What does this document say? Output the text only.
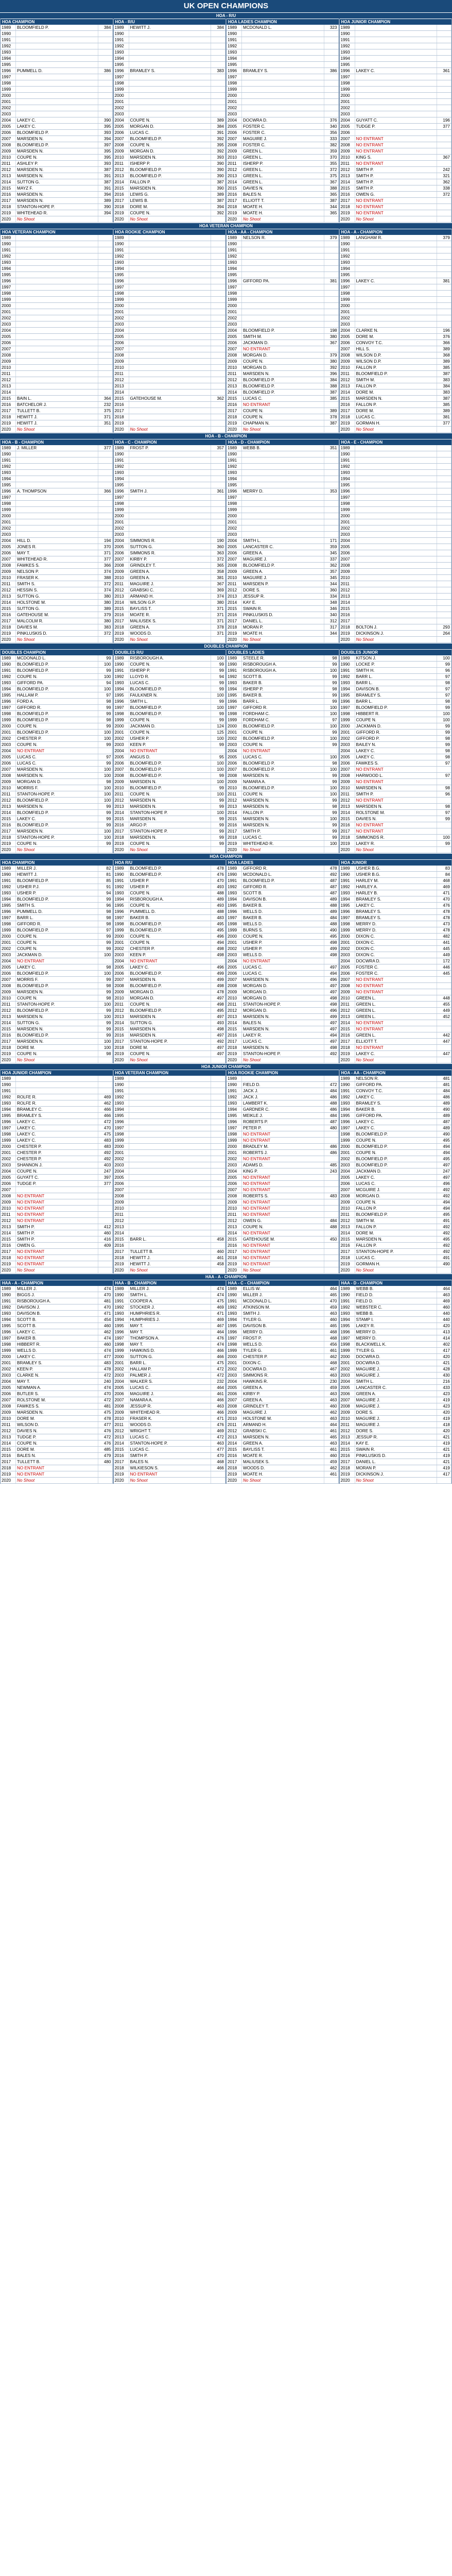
UK OPEN CHAMPIONS
HOA - R/U
HOA CHAMPION
1989	BLOOMFIELD P.	384
1990
1991
1992
1993
1994
1995
1996	PUMMELL D.	386
1997
1998
1999
2000
2001
2002
2003
2004	LAKEY C.	390
2005	LAKEY C.	395
2006	BLOOMFIELD P.	393
2007	MARSDEN N.	394
2008	BLOOMFIELD P.	397
2009	MARSDEN N.	395
2010	COUPE N.	395
2011	ASHLEY P.	393
2012	MARSDEN N.	387
2013	MARSDEN N.	391
2014	SUTTON G.	387
2015	MAYZ F.	391
2016	MARSDEN N.	394
2017	MARSDEN N.	389
2018	STANTON-HOPE P.	390
2019	WHITEHEAD R.	394
2020	No Shoot
HOA - R/U
1989	HEWITT J.	384
1990
1991
1992
1993
1994
1995
1996	BRAMLEY S.	383
1997
1998
1999
2000
2001
2002
2003
2004	COUPE N.	389
2005	MORGAN D.	384
2006	LUCAS C.	391
2007	BLOOMFIELD P.	392
2008	COUPE N.	395
2009	MORGAN D.	392
2010	MARSDEN N.	393
2011	ISHERP P.	390
2012	BLOOMFIELD P.	390
2013	BLOOMFIELD P.	390
2014	FALLON P.	387
2015	MARSDEN N.	390
2016	LEWIS G.	389
2017	LEWIS B.	387
2018	DORE M.	394
2019	COUPE N.	392
2020	No Shoot
HOA LADIES CHAMPION
1989	MCDONALD L.	323
1990
1991
1992
1993
1994
1995
1996	BRAMLEY S.	386
1997
1998
1999
2000
2001
2002
2003
2004	DOCWRA D.	376
2005	FOSTER C.	340
2006	FOSTER C.	356
2007	MAGUIRE J.	333
2008	FOSTER C.	382
2009	GREEN L.	359
2010	GREEN L.	370
2011	ISHERP P.	355
2012	GREEN L.	372
2013	GREEN L.	375
2014	GREEN L.	367
2015	DAVIES N.	388
2016	BALES N.	365
2017	ELLIOTT T.	387
2018	MOATE H.	344
2019	MOATE H.	365
2020	No Shoot
HOA JUNIOR CHAMPION
1989
1990
1991
1992
1993
1994
1995
1996	LAKEY C.	361
1997
1998
1999
2000
2001
2002
2003
2004	GUYATT C.	196
2005	TUDGE P.	377
2006
2007	NO ENTRANT
2008	NO ENTRANT
2009	NO ENTRANT
2010	KING S.	367
2011	NO ENTRANT
2012	SMITH P.	242
2013	SMITH P.	321
2014	SMITH P.	362
2015	SMITH P.	338
2016	OWEN G.	372
2017	NO ENTRANT
2018	NO ENTRANT
2019	NO ENTRANT
2020	No Shoot
HOA VETERAN CHAMPION
HOA VETERAN CHAMPION
1989
1990
1991
1992
1993
1994
1995
1996
1997
1998
1999
2000
2001
2002
2003
2004
2005
2006
2007
2008
2009
2010
2011
2012
2013
2014
2015	BAIN L.	364
2016	BATCHELOR J.	232
2017	TULLETT B.	375
2018	HEWITT J.	371
2019	HEWITT J.	351
2020	No Shoot
HOA ROOKIE CHAMPION
1989
1990
1991
1992
1993
1994
1995
1996
1997
1998
1999
2000
2001
2002
2003
2004
2005
2006
2007
2008
2009
2010
2011
2012
2013
2014
2015	GATEHOUSE M.	362
2016
2017
2018
2019
2020	No Shoot
HOA - AA - CHAMPION
1989	NELSON R.	379
1990
1991
1992
1993
1994
1995
1996	GIFFORD PA.	381
1997
1998
1999
2000
2001
2002
2003
2004	BLOOMFIELD P.	198
2005	SMITH M.	380
2006	JACKMAN D.	367
2007	NO ENTRANT
2008	MORGAN D.	379
2009	COUPE N.	380
2010	MORGAN D.	392
2011	MARSDEN N.	396
2012	BLOOMFIELD P.	384
2013	BLOOMFIELD P.	388
2014	BLOOMFIELD P.	387
2015	LUCAS C.	385
2016	NO ENTRANT
2017	COUPE N.	389
2018	COUPE N.	378
2019	CHAPMAN N.	387
2020	No Shoot
HOA - A - CHAMPION
1989	LANGHAM R.	379
1990
1991
1992
1993
1994
1995
1996	LAKEY C.	381
1997
1998
1999
2000
2001
2002
2003
2004	CLARKE N.	196
2005	DORE M.	376
2006	CONVOY T.C.	366
2007	HILL S.	389
2008	WILSON D.P.	368
2009	WILSON D.P.	389
2010	FALLON P.	385
2011	BLOOMFIELD P.	387
2012	SMITH M.	383
2013	FALLON P.	384
2014	DORE M.	383
2015	MARSDEN N.	387
2016	FALLON P.	385
2017	DORE M.	389
2018	LUCAS C.	381
2019	GORMAN H.	377
2020	No Shoot
HOA - B - CHAMPION
HOA - B - CHAMPION
1989	J. MILLER	377
1990
1991
1992
1993
1994
1995
1996	A. THOMPSON	366
1997
1998
1999
2000
2001
2002
2003
2004	HILL D.	194
2005	JONES R.	370
2006	MAY T.	371
2007	WHITEHEAD R.	377
2008	FAWKES S.	366
2009	NELSON P.	374
2010	FRASER K.	388
2011	SMITH S.	372
2012	HESSIN S.	374
2013	SUTTON G.	380
2014	HOLSTONE M.	380
2015	SUTTON G.	389
2016	GATEHOUSE M.	379
2017	MALCOLM R.	380
2018	DAVIES M.	383
2019	PINKLUSKIS D.	372
2020	No Shoot
HOA - C - CHAMPION
1989	FROST P.	357
1990
1991
1992
1993
1994
1995
1996	SMITH J.	361
1997
1998
1999
2000
2001
2002
2003
2004	SIMMONS R.	190
2005	SUTTON G.	360
2006	SIMMONS R.	363
2007	KIRBY P.	372
2008	GRINDLEY T.	365
2009	GREEN A.	358
2010	GREEN A.	381
2011	MAGUIRE J.	367
2012	GRABSKI C.	369
2013	ARMAND H.	374
2014	WILSON G.P.	380
2015	BAYLISS T.	371
2016	MOATE R.	371
2017	MALIUSEK S.	371
2018	GREEN A.	378
2019	WOODS D.	371
2020	No Shoot
HOA - D - CHAMPION
1989	WEBB B.	351
1990
1991
1992
1993
1994
1995
1996	MERRY D.	353
1997
1998
1999
2000
2001
2002
2003
2004	SMITH L.	171
2005	LANCASTER C.	359
2006	GREEN A.	345
2007	MAGUIRE J.	337
2008	BLOOMFIELD P.	362
2009	GREEN A.	357
2010	MAGUIRE J.	345
2011	MARSDEN P.	344
2012	DORE S.	360
2013	JESSUP R.	334
2014	KAY E.	348
2015	SWAIN R.	346
2016	PINKLUSKIS D.	340
2017	DANIEL L.	312
2018	MORAN P.	317
2019	MOATE H.	344
2020	No Shoot
HOA - E - CHAMPION
1989
1990
1991
1992
1993
1994
1995
1996
1997
1998
1999
2000
2001
2002
2003
2004
2005
2006
2007
2008
2009
2010
2011
2012
2013
2014
2015
2016
2017
2018	BOLTON J.	293
2019	DICKINSON J.	264
2020	No Shoot
DOUBLES CHAMPION
DOUBLES CHAMPION
1989	MCDONALD L.	99
1990	BLOOMFIELD P.	100
1991	BLOOMFIELD P.	99
1992	COUPE N.	100
1993	GIFFORD PA.	94
1994	BLOOMFIELD P.	100
1995	HALLAM P.	97
1996	FORD A.	98
1997	GIFFORD R.	99
1998	BLOOMFIELD P.	99
1999	BLOOMFIELD P.	98
2000	COUPE N.	99
2001	BLOOMFIELD P.	100
2002	CHESTER P.	100
2003	COUPE N.	99
2004	NO ENTRANT
2005	LUCAS C.	97
2006	LUCAS C.	99
2007	MARSDEN N.	100
2008	MARSDEN N.	100
2009	MORGAN D.	98
2010	MORRIS F.	100
2011	STANTON-HOPE P.	100
2012	BLOOMFIELD P.	100
2013	MARSDEN N.	99
2014	BLOOMFIELD P.	99
2015	LAKEY C.	99
2016	BLOOMFIELD P.	99
2017	MARSDEN N.	100
2018	STANTON-HOPE P.	100
2019	COUPE N.	99
2020	No Shoot
DOUBLES R/U
1989	RISBOROUGH A.	100
1990	COUPE N.	99
1991	ISHERP P.	99
1992	LLOYD R.	94
1993	LUCAS C.	99
1994	BLOOMFIELD P.	99
1995	FAULKNER N.	100
1996	SMITH L.	99
1997	BLOOMFIELD P.	100
1998	BLOOMFIELD P.	99
1999	COUPE N.	99
2000	JACKMAN D.	124
2001	COUPE N.	125
2002	USHER P.	100
2003	KEEN P.	99
2004	NO ENTRANT
2005	ANGUS D.	95
2006	BLOOMFIELD P.	100
2007	BLOOMFIELD P.	100
2008	BLOOMFIELD P.	99
2009	MARSDEN N.	100
2010	BLOOMFIELD P.	99
2011	COUPE N.	100
2012	MARSDEN N.	99
2013	MARSDEN N.	99
2014	STANTON-HOPE P.	100
2015	MARSDEN N.	99
2016	ARGO P.	99
2017	STANTON-HOPE P.	99
2018	MARSDEN N.	99
2019	COUPE N.	99
2020	No Shoot
DOUBLES LADIES
1989	STEELE R.	98
1990	RISBOROUGH A.	99
1991	RISBOROUGH A.	100
1992	SCOTT B.	99
1993	BAKER B.	99
1994	ISHERP P.	98
1995	BAKER B.	99
1996	BARR L.	99
1997	GIFFORD R.	100
1998	FORDHAM C.	100
1999	FORDHAM C.	97
2000	BLOOMFIELD P.	100
2001	COUPE N.	99
2002	BLOOMFIELD P.	100
2003	COUPE N.	99
2004	NO ENTRANT
2005	LUCAS C.	100
2006	BLOOMFIELD P.	98
2007	BLOOMFIELD P.	100
2008	MARSDEN N.	99
2009	NAMARA A.	99
2010	BLOOMFIELD P.	100
2011	COUPE N.	100
2012	MARSDEN N.	99
2013	MARSDEN N.	98
2014	FALLON P.	99
2015	MARSDEN N.	100
2016	MARSDEN N.	99
2017	SMITH P.	99
2018	LUCAS C.	99
2019	WHITEHEAD R.	100
2020	No Shoot
DOUBLES JUNIOR
1989	KITSON J.	100
1990	LOCKE P.	99
1991	SMITH H.	96
1992	BARR L.	97
1993	BARR L.	98
1994	DAVISON B.	97
1995	BRAMLEY S.	97
1996	BARR L.	98
1997	BLOOMFIELD P.	99
1998	HIBBERT R.	100
1999	COUPE N.	100
2000	JACKMAN D.	99
2001	GIFFORD R.	99
2002	GIFFORD P.	98
2003	BAILEY N.	99
2004	LAKEY C.	98
2005	LAKEY C.	98
2006	FAWKES S.	97
2007	NO ENTRANT
2008	HARWOOD L.	97
2009	NO ENTRANT
2010	MARSDEN N.	98
2011	SMITH P.	96
2012	NO ENTRANT
2013	MARSDEN N.	98
2014	ROLSTONE M.	97
2015	DAVIES N.	99
2016	NO ENTRANT
2017	NO ENTRANT
2018	SIMMONDS R.	100
2019	LAKEY R.	99
2020	No Shoot
HOA CHAMPION
HOA CHAMPION
1989	MILLER J.	82
1990	HEWITT J.	81
1991	BLOOMFIELD P.	85
1992	USHER P.J.	91
1993	USHER P.	94
1994	BLOOMFIELD P.	99
1995	SMITH S.	96
1996	PUMMELL D.	98
1997	BARR L.	98
1998	GIFFORD R.	98
1999	BLOOMFIELD P.	97
2000	COUPE N.	99
2001	COUPE N.	99
2002	COUPE N.	99
2003	JACKMAN D.	100
2004	NO ENTRANT
2005	LAKEY C.	98
2006	BLOOMFIELD P.	100
2007	MORRIS F.	99
2008	BLOOMFIELD P.	98
2009	MARSDEN N.	99
2010	COUPE N.	98
2011	STANTON-HOPE P.	100
2012	BLOOMFIELD P.	99
2013	MARSDEN N.	100
2014	SUTTON G.	99
2015	MARSDEN N.	99
2016	BLOOMFIELD P.	99
2017	MARSDEN N.	100
2018	DORE M.	100
2019	COUPE N.	98
2020	No Shoot
HOA R/U
1989	BLOOMFIELD P.	478
1990	BLOOMFIELD P.	476
1991	USHER P.	470
1992	USHER P.	493
1993	COUPE N.	488
1994	RISBOROUGH A.	489
1995	COUPE N.	493
1996	PUMMELL D.	488
1997	BAKER B.	483
1998	BLOOMFIELD P.	495
1999	BLOOMFIELD P.	495
2000	COUPE N.	496
2001	COUPE N.	494
2002	CHESTER P.	498
2003	KEEN P.	498
2004	NO ENTRANT
2005	LAKEY C.	496
2006	BLOOMFIELD P.	499
2007	MARSDEN N.	499
2008	BLOOMFIELD P.	498
2009	MORGAN D.	478
2010	MORGAN D.	497
2011	COUPE N.	498
2012	BLOOMFIELD P.	495
2013	MARSDEN N.	497
2014	SUTTON G.	493
2015	MARSDEN N.	498
2016	MARSDEN N.	497
2017	STANTON-HOPE P.	492
2018	DORE M.	497
2019	COUPE N.	497
2020	No Shoot
HOA LADIES
1989	GIFFORD R.	478
1990	MCDONALD L.	492
1991	BLOOMFIELD P.	487
1992	GIFFORD R.	487
1993	SCOTT B.	487
1994	DAVISON B.	489
1995	BAKER B.	488
1996	WELLS D.	489
1997	BAKER B.	484
1998	WELLS D.	488
1999	BURNS S.	490
2000	COUPE N.	495
2001	USHER P.	498
2002	USHER P.	499
2003	WELLS D.	498
2004	NO ENTRANT
2005	LUCAS C.	497
2006	LUCAS C.	494
2007	MARSDEN N.	496
2008	MORGAN D.	497
2009	MORGAN D.	497
2010	MORGAN D.	498
2011	STANTON-HOPE P.	498
2012	MORGAN D.	496
2013	MARSDEN N.	499
2014	BALES N.	497
2015	MARSDEN N.	497
2016	LAKEY R.	494
2017	LUCAS C.	497
2018	MARSDEN N.	498
2019	STANTON-HOPE P.	492
2020	No Shoot
HOA JUNIOR
1989	USHER B.G.	83
1990	USHER B.G.	84
1991	HARLEY M.	468
1992	HARLEY A.	469
1993	HARLEY B.	471
1994	BRAMLEY S.	470
1995	LAKEY C.	476
1996	BRAMLEY S.	478
1997	BRAMLEY S.	478
1998	MERRY D.	473
1999	MERRY D.	478
2000	DIXON C.	482
2001	DIXON C.	441
2002	DIXON C.	445
2003	DIXON C.	449
2004	DOCWRA D.	172
2005	FOSTER C.	446
2006	FOSTER C.	445
2007	NO ENTRANT
2008	NO ENTRANT
2009	NO ENTRANT
2010	GREEN L.	448
2011	GREEN L.	455
2012	GREEN L.	449
2013	GREEN L.	452
2014	NO ENTRANT
2015	NO ENTRANT
2016	GREEN L.	442
2017	ELLIOTT T.	447
2018	NO ENTRANT
2019	LAKEY C.	447
2020	No Shoot
HOA JUNIOR CHAMPION
HOA JUNIOR CHAMPION
1989
1990
1991
1992	ROLFE R.	469
1993	ROLFE R.	462
1994	BRAMLEY C.	466
1995	BRAMLEY S.	466
1996	LAKEY C.	472
1997	LAKEY C.	470
1998	LAKEY C.	475
1999	LAKEY C.	483
2000	CHESTER P.	483
2001	CHESTER P.	492
2002	CHESTER P.	492
2003	SHANNON J.	403
2004	COUPE N.	247
2005	GUYATT C.	397
2006	TUDGE P.	377
2007
2008	NO ENTRANT
2009	NO ENTRANT
2010	NO ENTRANT
2011	NO ENTRANT
2012	NO ENTRANT
2013	SMITH P.	412
2014	SMITH P.	460
2015	SMITH P.	416
2016	OWEN G.	409
2017	NO ENTRANT
2018	NO ENTRANT
2019	NO ENTRANT
2020	No Shoot
HOA VETERAN CHAMPION
1989
1990
1991
1992
1993
1994
1995
1996
1997
1998
1999
2000
2001
2002
2003
2004
2005
2006
2007
2008
2009
2010
2011
2012
2013
2014
2015	BARR L.	458
2016
2017	TULLETT B.	460
2018	HEWITT J.	461
2019	HEWITT J.	458
2020	No Shoot
HOA ROOKIE CHAMPION
1989
1990	FIELD D.	472
1991	JACK J.	484
1992	JACK J.	486
1993	LAMBERT K.	488
1994	GARDNER C.	486
1995	MEIKLE J.	484
1996	ROBERTS P.	487
1997	PETER P.	480
1998	NO ENTRANT
1999	NO ENTRANT
2000	BRADLEY M.	486
2001	ROBERTS J.	486
2002	NO ENTRANT
2003	ADAMS D.	485
2004	KING P.	243
2005	NO ENTRANT
2006	NO ENTRANT
2007	NO ENTRANT
2008	ROBERTS S.	483
2009	NO ENTRANT
2010	NO ENTRANT
2011	NO ENTRANT
2012	OWEN G.	484
2013	COUPE N.	488
2014	NO ENTRANT
2015	GATEHOUSE M.	450
2016	NO ENTRANT
2017	NO ENTRANT
2018	NO ENTRANT
2019	NO ENTRANT
2020	No Shoot
HOA - AA - CHAMPION
1989	NELSON R.	481
1990	GIFFORD PA.	481
1991	CONVOY T.C.	484
1992	LAKEY C.	486
1993	BRAMLEY S.	489
1994	BAKER B.	490
1995	GIFFORD PA.	489
1996	LAKEY C.	487
1997	LAKEY C.	489
1998	BLOOMFIELD P.	490
1999	COUPE N.	495
2000	BLOOMFIELD P.	494
2001	COUPE N.	494
2002	BLOOMFIELD P.	495
2003	BLOOMFIELD P.	497
2004	JACKMAN D.	247
2005	LAKEY C.	497
2006	LUCAS C.	496
2007	MCGUIRE J.	492
2008	MORGAN D.	492
2009	COUPE N.	494
2010	FALLON P.	494
2011	BLOOMFIELD P.	495
2012	SMITH M.	491
2013	FALLON P.	492
2014	DORE M.	492
2015	MARSDEN N.	495
2016	FALLON P.	492
2017	STANTON-HOPE P.	492
2018	LUCAS C.	491
2019	GORMAN H.	490
2020	No Shoot
HAA - A - CHAMPION
HAA - A - CHAMPION
1989	MILLER J.	474
1990	BIGGS J.	470
1991	RISBOROUGH A.	481
1992	DAVISON J.	470
1993	DAVISON B.	471
1994	SCOTT B.	454
1995	SCOTT B.	460
1996	LAKEY C.	462
1997	BAKER B.	474
1998	HIBBERT R.	460
1999	WELLS D.	474
2000	LAKEY C.	477
2001	BRAMLEY S.	483
2002	KEEN P.	478
2003	CLARKE N.	472
2004	MAY T.	240
2005	NEWMAN A.	474
2006	BUTLER S.	470
2007	ROLSTONE M.	472
2008	FAWKES S.	481
2009	MARSDEN N.	475
2010	DORE M.	478
2011	WILSON D.	477
2012	DAVIES N.	476
2013	TUDGE P.	472
2014	COUPE N.	476
2015	DORE M.	485
2016	BALES N.	479
2017	TULLETT B.	480
2018	NO ENTRANT
2019	NO ENTRANT
2020	No Shoot
HAA - B - CHAMPION
1989	MILLER J.	474
1990	SMITH L.	474
1991	COOPER A.	475
1992	STOCKER J.	469
1993	HUMPHRIES R.	471
1994	HUMPHRIES J.	469
1995	MAY T.	467
1996	MAY T.	464
1997	THOMPSON A.	476
1998	MAY T.	474
1999	HAWKINS D.	466
2000	SUTTON G.	466
2001	BARR L.	475
2002	HALLAM P.	472
2003	PALMER J.	472
2004	WALKER S.	232
2005	LUCAS C.	464
2006	MAGUIRE J.	461
2007	NAMARA A.	466
2008	JESSUP R.	463
2009	WHITEHEAD R.	466
2010	FRASER K.	471
2011	WOODS D.	476
2012	WRIGHT T.	469
2013	LUCAS C.	472
2014	STANTON-HOPE P.	463
2015	LUCAS C.	477
2016	SMITH P.	470
2017	BALES N.	468
2018	WILKIESON S.	466
2019	NO ENTRANT
2020	No Shoot
HAA - C - CHAMPION
1989	ELLIS W.	464
1990	MILLER J.	465
1991	MCDONALD L.	470
1992	ATKINSON M.	459
1993	SMITH J.	463
1994	TYLER G.	460
1995	DAVISON B.	465
1996	MERRY D.	468
1997	FROST P.	468
1998	WELLS D.	456
1999	TYLER G.	461
2000	CHESTER P.	462
2001	DIXON C.	468
2002	DOCWRA D.	467
2003	SIMMONS R.	463
2004	HAWKINS R.	230
2005	GREEN A.	459
2006	KIRBY P.	463
2007	GREEN A.	463
2008	GRINDLEY T.	460
2009	MAGUIRE J.	462
2010	HOLSTONE M.	463
2011	ARMAND H.	464
2012	GRABSKI C.	461
2013	MARSDEN N.	465
2014	GREEN A.	463
2015	BAYLISS T.	461
2016	MOATE R.	460
2017	MALIUSEK S.	459
2018	WOODS D.	462
2019	MOATE H.	461
2020	No Shoot
HAA - D - CHAMPION
1989	WEBB B.	464
1990	FIELD D.	463
1991	FIELD D.	469
1992	WEBSTER C.	460
1993	WEBB B.	440
1994	STAMP I.	440
1995	LAKEY R.	420
1996	MERRY D.	413
1997	MERRY D.	414
1998	BLACKWELL K.	402
1999	TYLER G.	417
2000	DOCWRA D.	420
2001	DOCWRA D.	421
2002	MAGUIRE J.	428
2003	MAGUIRE J.	430
2004	SMITH L.	216
2005	LANCASTER C.	433
2006	GREEN A.	423
2007	MAGUIRE J.	419
2008	MAGUIRE J.	423
2009	DORE S.	420
2010	MAGUIRE J.	419
2011	MAGUIRE J.	418
2012	DORE S.	420
2013	JESSUP R.	421
2014	KAY E.	419
2015	SWAIN R.	421
2016	PINKLUSKIS D.	419
2017	DANIEL L.	421
2018	MORAN P.	419
2019	DICKINSON J.	417
2020	No Shoot
